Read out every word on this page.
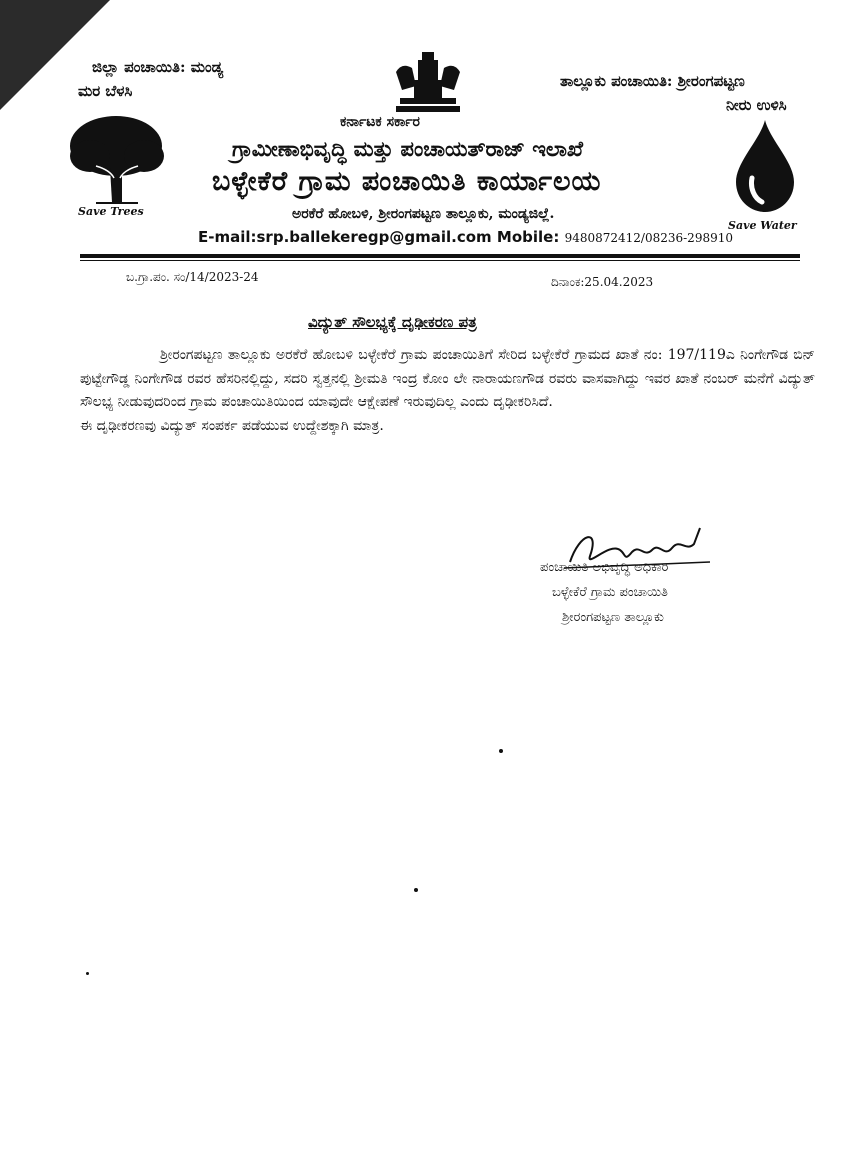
ಜಿಲ್ಲಾ ಪಂಚಾಯಿತಿ: ಮಂಡ್ಯ
ಮರ ಬೆಳಸಿ
ತಾಲ್ಲೂಕು ಪಂಚಾಯಿತಿ: ಶ್ರೀರಂಗಪಟ್ಟಣ
ನೀರು ಉಳಿಸಿ
Save Trees
Save Water
ಕರ್ನಾಟಕ ಸರ್ಕಾರ
ಗ್ರಾಮೀಣಾಭಿವೃದ್ಧಿ ಮತ್ತು ಪಂಚಾಯತ್‌ರಾಜ್ ಇಲಾಖೆ
ಬಳ್ಳೇಕೆರೆ ಗ್ರಾಮ ಪಂಚಾಯಿತಿ ಕಾರ್ಯಾಲಯ
ಅರಕೆರೆ ಹೋಬಳಿ, ಶ್ರೀರಂಗಪಟ್ಟಣ ತಾಲ್ಲೂಕು, ಮಂಡ್ಯಜಿಲ್ಲೆ.
E-mail:srp.ballekeregp@gmail.com Mobile: 9480872412/08236-298910
ಬ.ಗ್ರಾ.ಪಂ. ಸಂ/14/2023-24	ದಿನಾಂಕ:25.04.2023
ವಿದ್ಯುತ್ ಸೌಲಭ್ಯಕ್ಕೆ ದೃಢೀಕರಣ ಪತ್ರ

ಶ್ರೀರಂಗಪಟ್ಟಣ ತಾಲ್ಲೂಕು ಅರಕೆರೆ ಹೋಬಳಿ ಬಳ್ಳೇಕೆರೆ ಗ್ರಾಮ ಪಂಚಾಯಿತಿಗೆ ಸೇರಿದ ಬಳ್ಳೇಕೆರೆ ಗ್ರಾಮದ ಖಾತೆ ನಂ: 197/119ಎ ನಿಂಗೇಗೌಡ ಬಿನ್ ಪುಟ್ಟೇಗೌಡ್ಡ ನಿಂಗೇಗೌಡ ರವರ ಹೆಸರಿನಲ್ಲಿದ್ದು, ಸದರಿ ಸ್ವತ್ತನಲ್ಲಿ ಶ್ರೀಮತಿ ಇಂದ್ರ ಕೋಂ ಲೇ ನಾರಾಯಣಗೌಡ ರವರು ವಾಸವಾಗಿದ್ದು ಇವರ ಖಾತೆ ನಂಬರ್ ಮನೆಗೆ ವಿದ್ಯುತ್ ಸೌಲಭ್ಯ ನೀಡುವುದರಿಂದ ಗ್ರಾಮ ಪಂಚಾಯಿತಿಯಿಂದ ಯಾವುದೇ ಆಕ್ಷೇಪಣೆ ಇರುವುದಿಲ್ಲ ಎಂದು ದೃಢೀಕರಿಸಿದೆ.

ಈ ದೃಢೀಕರಣವು ವಿದ್ಯುತ್ ಸಂಪರ್ಕ ಪಡೆಯುವ ಉದ್ದೇಶಕ್ಕಾಗಿ ಮಾತ್ರ.

ಪಂಚಾಯಿತಿ ಅಭಿವೃದ್ಧಿ ಅಧಿಕಾರಿ
ಬಳ್ಳೇಕೆರೆ ಗ್ರಾಮ ಪಂಚಾಯಿತಿ
ಶ್ರೀರಂಗಪಟ್ಟಣ ತಾಲ್ಲೂಕು
